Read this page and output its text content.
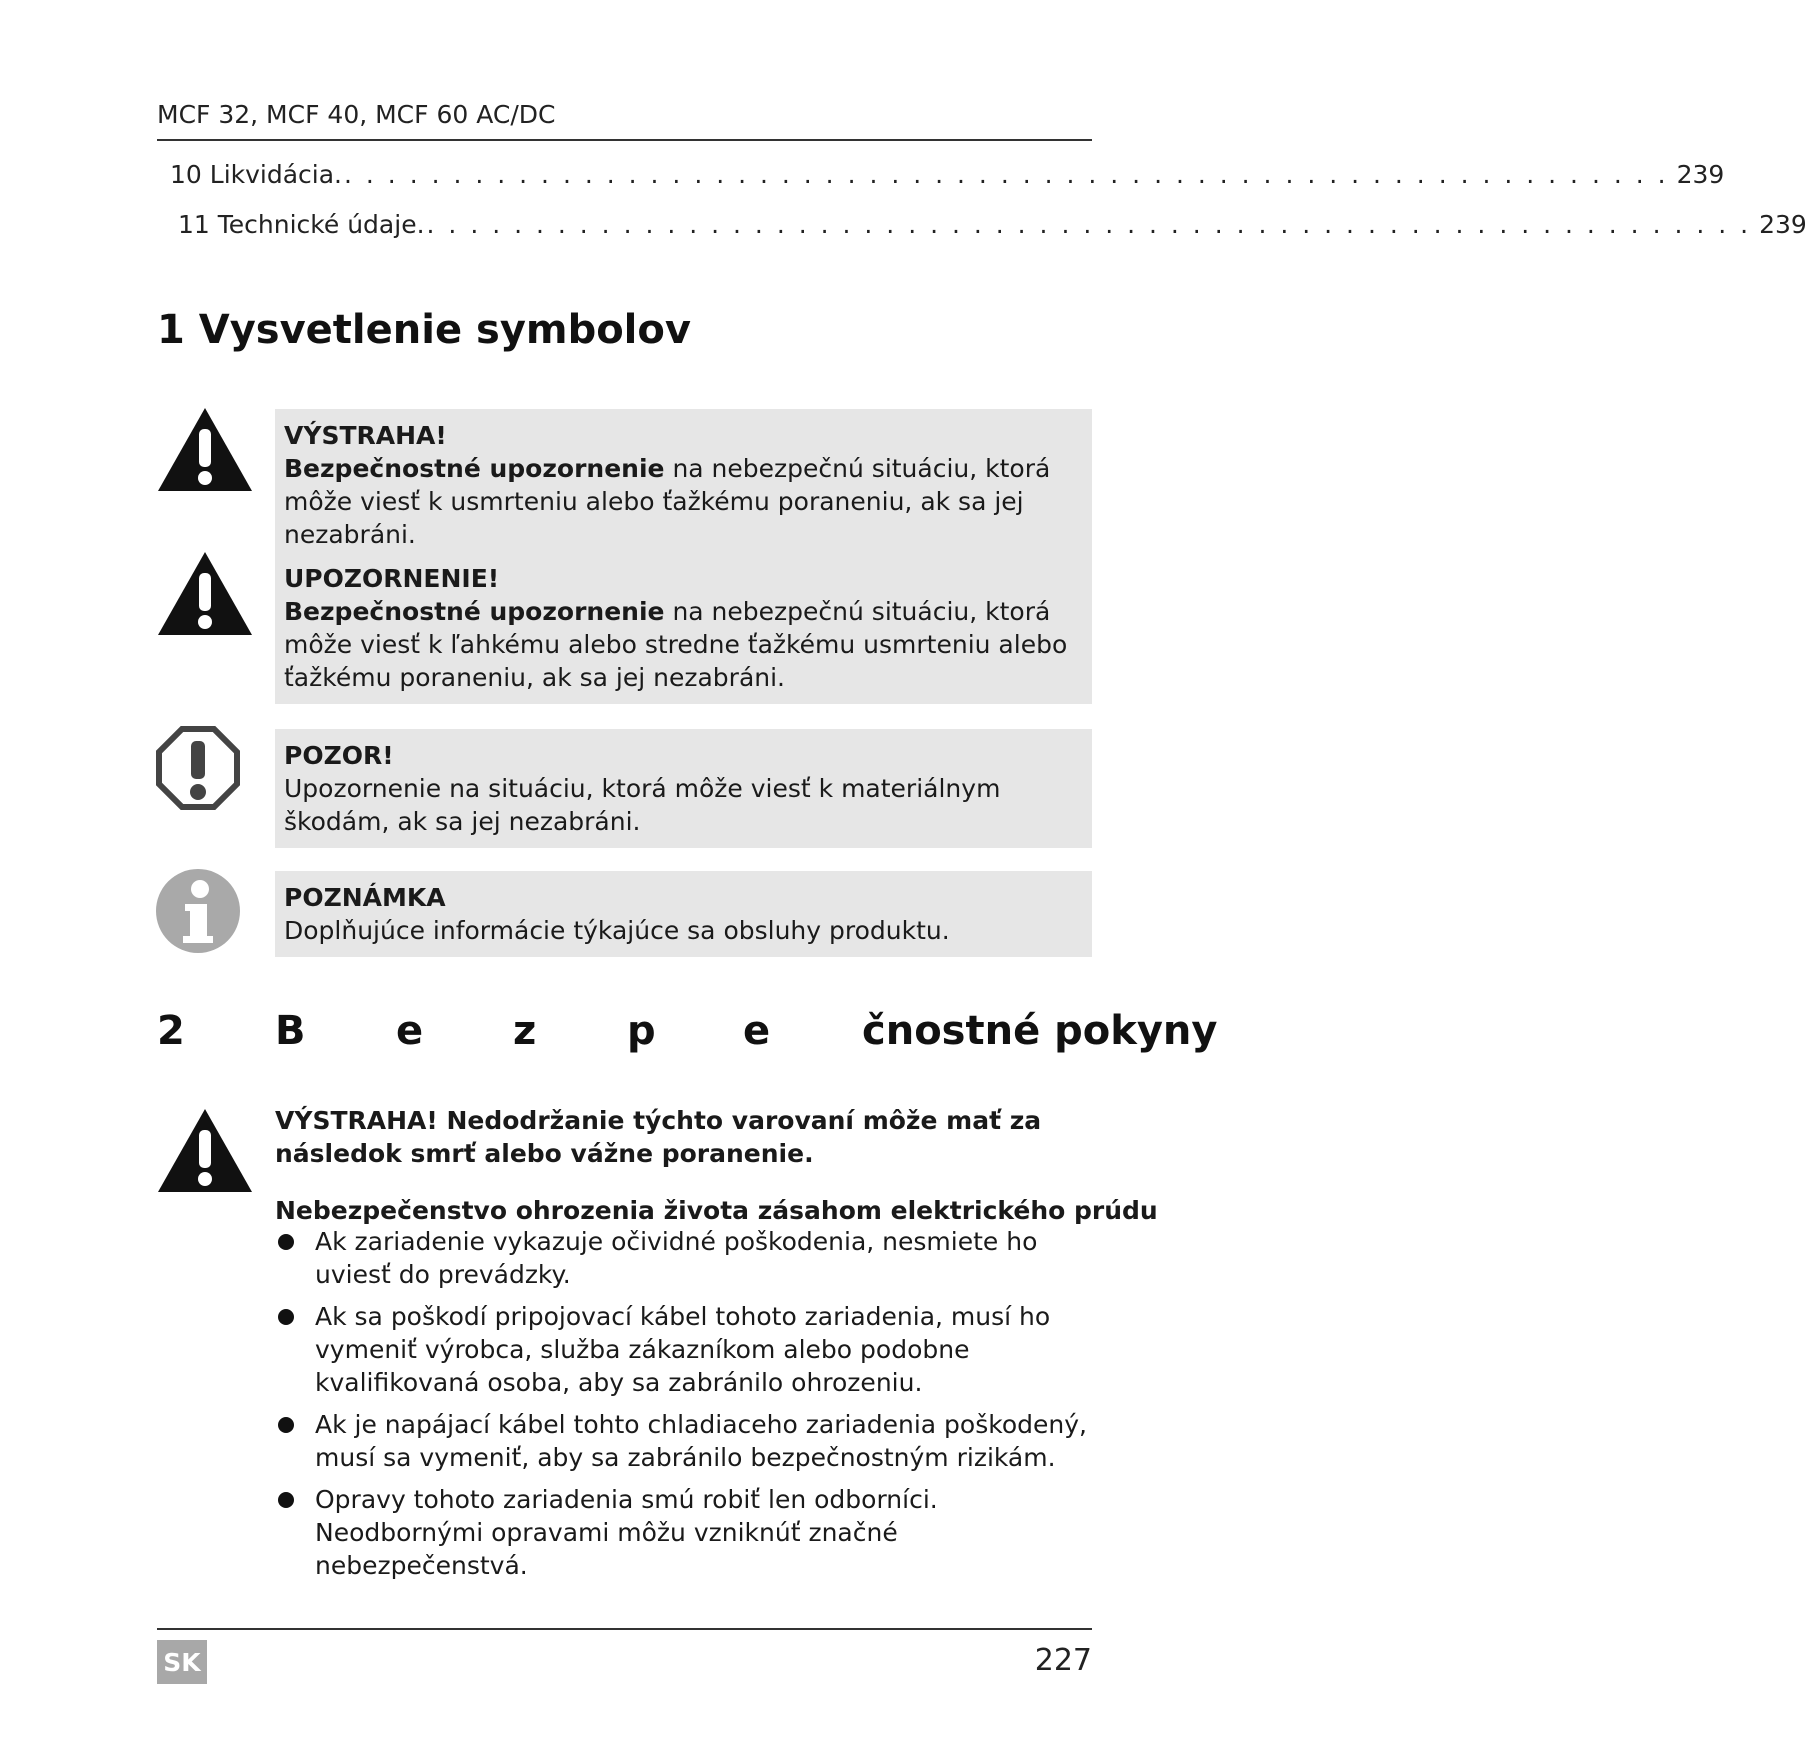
MCF 32, MCF 40, MCF 60 AC/DC
10
Likvidácia. . . . . . . . . . . . . . . . . . . . . . . . . . . . . . . . . . . . . . . . . . . . . . . . . . . . . . . . . . . . . . 239
11
Technické údaje. . . . . . . . . . . . . . . . . . . . . . . . . . . . . . . . . . . . . . . . . . . . . . . . . . . . . . . . . . . . . . 239
1 Vysvetlenie symbolov
VÝSTRAHA!
Bezpečnostné upozornenie na nebezpečnú situáciu, ktorá môže viesť k usmrteniu alebo ťažkému poraneniu, ak sa jej nezabráni.
UPOZORNENIE!
Bezpečnostné upozornenie na nebezpečnú situáciu, ktorá môže viesť k ľahkému alebo stredne ťažkému usmrteniu alebo ťažkému poraneniu, ak sa jej nezabráni.
POZOR!
Upozornenie na situáciu, ktorá môže viesť k materiálnym škodám, ak sa jej nezabráni.
POZNÁMKA
Doplňujúce informácie týkajúce sa obsluhy produktu.
2 B e z p e čnostné pokyny
VÝSTRAHA! Nedodržanie týchto varovaní môže mať za následok smrť alebo vážne poranenie.
Nebezpečenstvo ohrozenia života zásahom elektrického prúdu
Ak zariadenie vykazuje očividné poškodenia, nesmiete ho uviesť do prevádzky.
Ak sa poškodí pripojovací kábel tohoto zariadenia, musí ho vymeniť výrobca, služba zákazníkom alebo podobne kvalifikovaná osoba, aby sa zabránilo ohrozeniu.
Ak je napájací kábel tohto chladiaceho zariadenia poškodený, musí sa vymeniť, aby sa zabránilo bezpečnostným rizikám.
Opravy tohoto zariadenia smú robiť len odborníci. Neodbornými opravami môžu vzniknúť značné nebezpečenstvá.
SK	227
